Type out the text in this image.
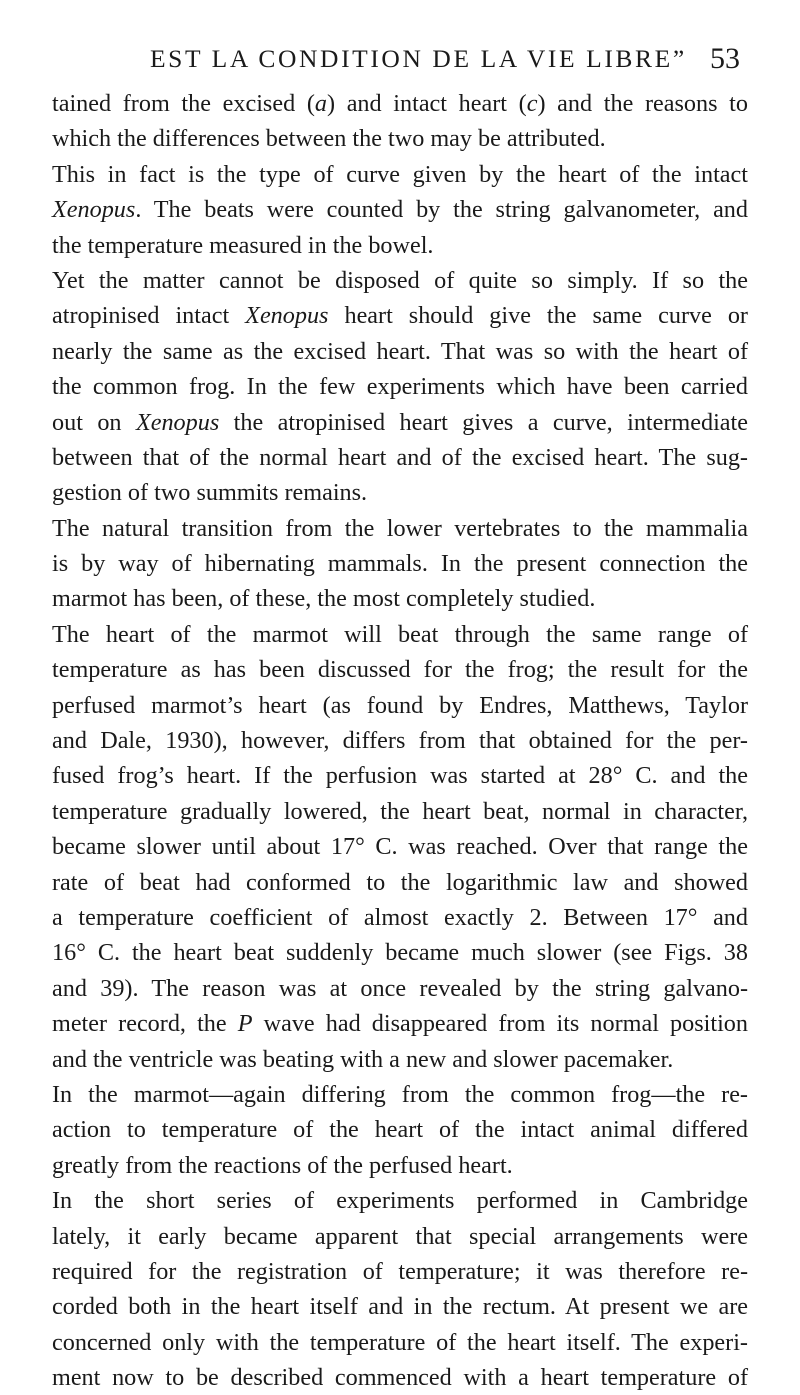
EST LA CONDITION DE LA VIE LIBRE” 53
tained from the excised (a) and intact heart (c) and the reasons to
which the differences between the two may be attributed.
This in fact is the type of curve given by the heart of the intact
Xenopus. The beats were counted by the string galvanometer, and
the temperature measured in the bowel.
Yet the matter cannot be disposed of quite so simply. If so the
atropinised intact Xenopus heart should give the same curve or
nearly the same as the excised heart. That was so with the heart of
the common frog. In the few experiments which have been carried
out on Xenopus the atropinised heart gives a curve, intermediate
between that of the normal heart and of the excised heart. The sug-
gestion of two summits remains.
The natural transition from the lower vertebrates to the mammalia
is by way of hibernating mammals. In the present connection the
marmot has been, of these, the most completely studied.
The heart of the marmot will beat through the same range of
temperature as has been discussed for the frog; the result for the
perfused marmot’s heart (as found by Endres, Matthews, Taylor
and Dale, 1930), however, differs from that obtained for the per-
fused frog’s heart. If the perfusion was started at 28° C. and the
temperature gradually lowered, the heart beat, normal in character,
became slower until about 17° C. was reached. Over that range the
rate of beat had conformed to the logarithmic law and showed
a temperature coefficient of almost exactly 2. Between 17° and
16° C. the heart beat suddenly became much slower (see Figs. 38
and 39). The reason was at once revealed by the string galvano-
meter record, the P wave had disappeared from its normal position
and the ventricle was beating with a new and slower pacemaker.
In the marmot—again differing from the common frog—the re-
action to temperature of the heart of the intact animal differed
greatly from the reactions of the perfused heart.
In the short series of experiments performed in Cambridge
lately, it early became apparent that special arrangements were
required for the registration of temperature; it was therefore re-
corded both in the heart itself and in the rectum. At present we are
concerned only with the temperature of the heart itself. The experi-
ment now to be described commenced with a heart temperature of
